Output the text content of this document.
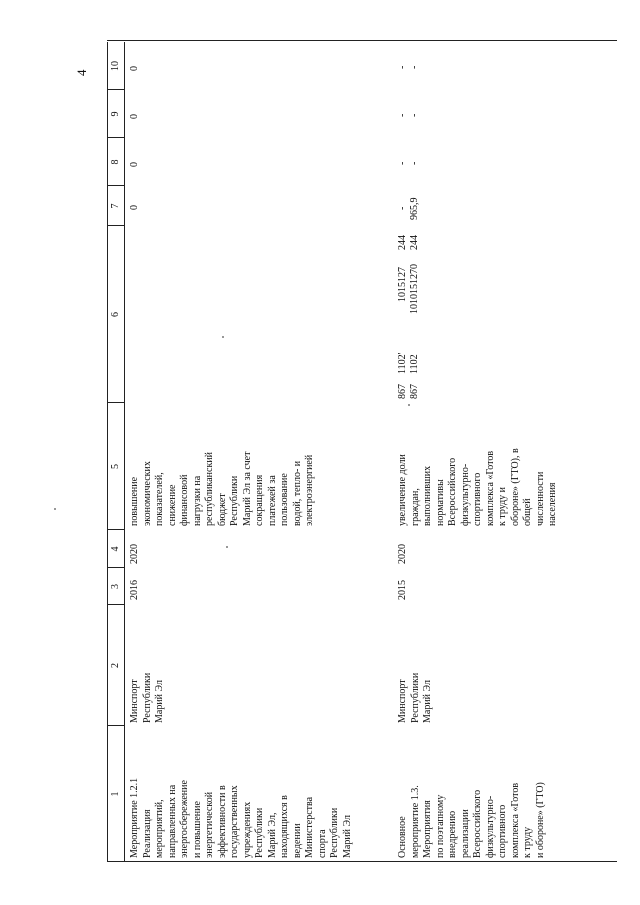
4
1
2
3
4
5
6
7
8
9
10
Мероприятие 1.2.1
Реализация
мероприятий,
направленных на
энергосбережение
и повышение
энергетической
эффективности в
государственных
учреждениях
Республики
Марий Эл,
находящихся в
ведении
Министерства
спорта
Республики
Марий Эл
Минспорт
Республики
Марий Эл
2016
2020
повышение
экономических
показателей,
снижение
финансовой
нагрузки на
республиканский
бюджет
Республики
Марий Эл за счет
сокращения
платежей за
пользование
водой, тепло- и
электроэнергией
0
0
0
0
Основное
мероприятие 1.3.
Мероприятия
по поэтапному
внедрению
реализации
Всероссийского
физкультурно-
спортивного
комплекса «Готов
к труду
и обороне» (ГТО)
Минспорт
Республики
Марий Эл
2015
2020
увеличение доли
граждан,
выполнивших
нормативы
Всероссийского
физкультурно-
спортивного
комплекса «Готов
к труду и
обороне» (ГТО), в
общей
численности
населения
867
1102'
1015127
244
867
1102
1010151270
244
- 965,9
- -
- -
- -
